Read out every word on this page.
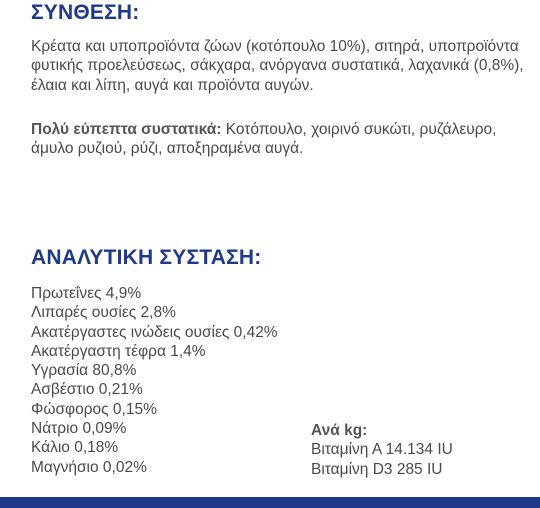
ΣΥΝΘΕΣΗ:

Κρέατα και υποπροϊόντα ζώων (κοτόπουλο 10%), σιτηρά, υποπροϊόντα φυτικής προελεύσεως, σάκχαρα, ανόργανα συστατικά, λαχανικά (0,8%), έλαια και λίπη, αυγά και προϊόντα αυγών.

Πολύ εύπεπτα συστατικά: Κοτόπουλο, χοιρινό συκώτι, ρυζάλευρο, άμυλο ρυζιού, ρύζι, αποξηραμένα αυγά.

ΑΝΑΛΥΤΙΚΗ ΣΥΣΤΑΣΗ:
Πρωτεΐνες 4,9%
Λιπαρές ουσίες 2,8%
Ακατέργαστες ινώδεις ουσίες 0,42%
Ακατέργαστη τέφρα 1,4%
Υγρασία 80,8%
Ασβέστιο 0,21%
Φώσφορος 0,15%
Νάτριο 0,09%
Κάλιο 0,18%
Μαγνήσιο 0,02%
Ανά kg:
Βιταμίνη Α 14.134 IU
Βιταμίνη D3 285 IU
